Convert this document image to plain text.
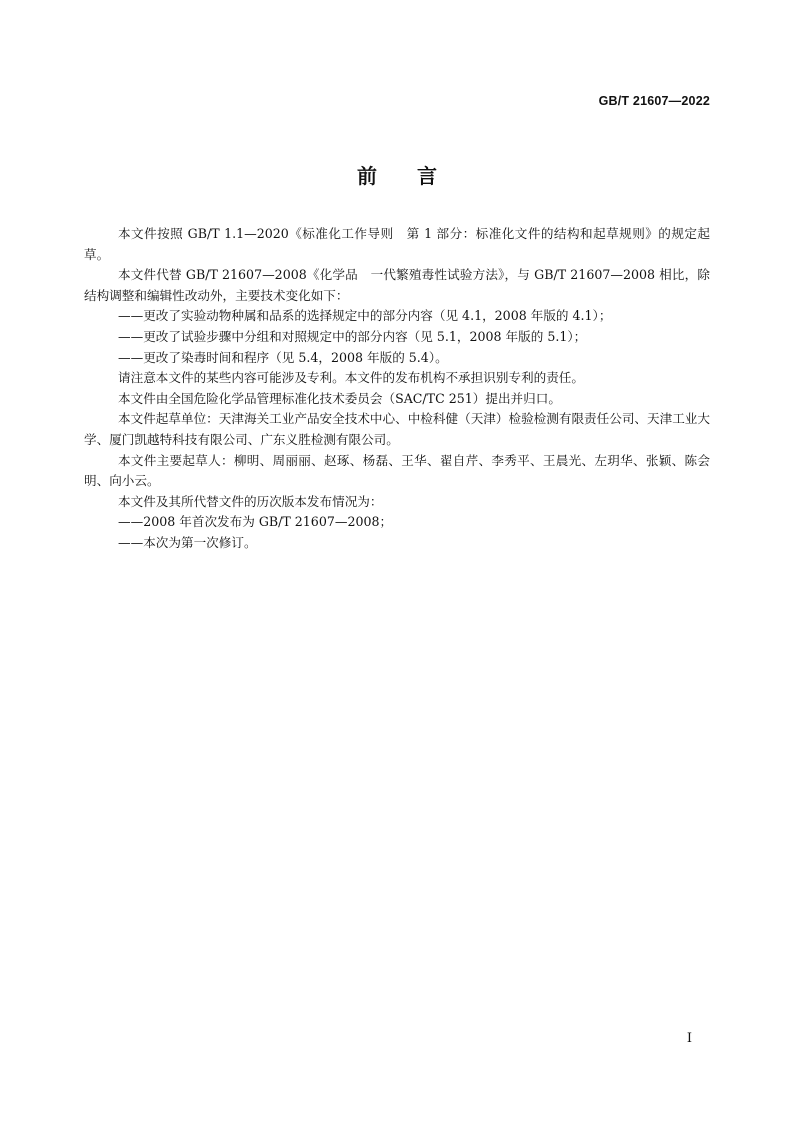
GB/T 21607—2022
前　　言

本文件按照 GB/T 1.1—2020《标准化工作导则　第 1 部分：标准化文件的结构和起草规则》的规定起草。

本文件代替 GB/T 21607—2008《化学品　一代繁殖毒性试验方法》，与 GB/T 21607—2008 相比，除结构调整和编辑性改动外，主要技术变化如下：

——更改了实验动物种属和品系的选择规定中的部分内容（见 4.1，2008 年版的 4.1）；

——更改了试验步骤中分组和对照规定中的部分内容（见 5.1，2008 年版的 5.1）；

——更改了染毒时间和程序（见 5.4，2008 年版的 5.4）。

请注意本文件的某些内容可能涉及专利。本文件的发布机构不承担识别专利的责任。

本文件由全国危险化学品管理标准化技术委员会（SAC/TC 251）提出并归口。

本文件起草单位：天津海关工业产品安全技术中心、中检科健（天津）检验检测有限责任公司、天津工业大学、厦门凯越特科技有限公司、广东义胜检测有限公司。

本文件主要起草人：柳明、周丽丽、赵琢、杨磊、王华、翟自芹、李秀平、王晨光、左玥华、张颖、陈会明、向小云。

本文件及其所代替文件的历次版本发布情况为：

——2008 年首次发布为 GB/T 21607—2008；

——本次为第一次修订。

I
